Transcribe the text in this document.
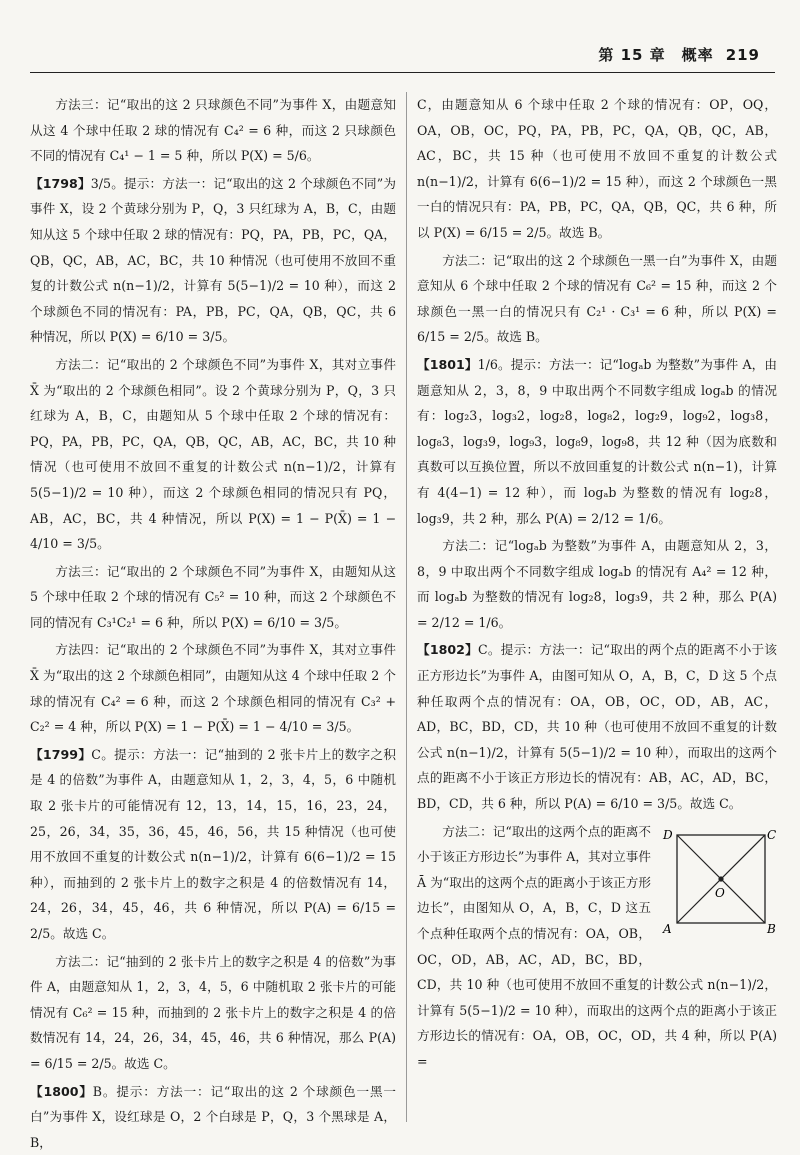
第 15 章　概率 219

方法三：记“取出的这 2 只球颜色不同”为事件 X，由题意知从这 4 个球中任取 2 球的情况有 C₄² = 6 种，而这 2 只球颜色不同的情况有 C₄¹ − 1 = 5 种，所以 P(X) = 5/6。

【1798】3/5。提示：方法一：记“取出的这 2 个球颜色不同”为事件 X，设 2 个黄球分别为 P，Q，3 只红球为 A，B，C，由题知从这 5 个球中任取 2 球的情况有：PQ，PA，PB，PC，QA，QB，QC，AB，AC，BC，共 10 种情况（也可使用不放回不重复的计数公式 n(n−1)/2，计算有 5(5−1)/2 = 10 种），而这 2 个球颜色不同的情况有：PA，PB，PC，QA，QB，QC，共 6 种情况，所以 P(X) = 6/10 = 3/5。

方法二：记“取出的 2 个球颜色不同”为事件 X，其对立事件 X̄ 为“取出的 2 个球颜色相同”。设 2 个黄球分别为 P，Q，3 只红球为 A，B，C，由题知从 5 个球中任取 2 个球的情况有：PQ，PA，PB，PC，QA，QB，QC，AB，AC，BC，共 10 种情况（也可使用不放回不重复的计数公式 n(n−1)/2，计算有 5(5−1)/2 = 10 种），而这 2 个球颜色相同的情况只有 PQ，AB，AC，BC，共 4 种情况，所以 P(X) = 1 − P(X̄) = 1 − 4/10 = 3/5。

方法三：记“取出的 2 个球颜色不同”为事件 X，由题知从这 5 个球中任取 2 个球的情况有 C₅² = 10 种，而这 2 个球颜色不同的情况有 C₃¹C₂¹ = 6 种，所以 P(X) = 6/10 = 3/5。

方法四：记“取出的 2 个球颜色不同”为事件 X，其对立事件 X̄ 为“取出的这 2 个球颜色相同”，由题知从这 4 个球中任取 2 个球的情况有 C₄² = 6 种，而这 2 个球颜色相同的情况有 C₃² + C₂² = 4 种，所以 P(X) = 1 − P(X̄) = 1 − 4/10 = 3/5。

【1799】C。提示：方法一：记“抽到的 2 张卡片上的数字之积是 4 的倍数”为事件 A，由题意知从 1，2，3，4，5，6 中随机取 2 张卡片的可能情况有 12，13，14，15，16，23，24，25，26，34，35，36，45，46，56，共 15 种情况（也可使用不放回不重复的计数公式 n(n−1)/2，计算有 6(6−1)/2 = 15 种），而抽到的 2 张卡片上的数字之积是 4 的倍数情况有 14，24，26，34，45，46，共 6 种情况，所以 P(A) = 6/15 = 2/5。故选 C。

方法二：记“抽到的 2 张卡片上的数字之积是 4 的倍数”为事件 A，由题意知从 1，2，3，4，5，6 中随机取 2 张卡片的可能情况有 C₆² = 15 种，而抽到的 2 张卡片上的数字之积是 4 的倍数情况有 14，24，26，34，45，46，共 6 种情况，那么 P(A) = 6/15 = 2/5。故选 C。

【1800】B。提示：方法一：记“取出的这 2 个球颜色一黑一白”为事件 X，设红球是 O，2 个白球是 P，Q，3 个黑球是 A，B，

C，由题意知从 6 个球中任取 2 个球的情况有：OP，OQ，OA，OB，OC，PQ，PA，PB，PC，QA，QB，QC，AB，AC，BC，共 15 种（也可使用不放回不重复的计数公式 n(n−1)/2，计算有 6(6−1)/2 = 15 种），而这 2 个球颜色一黑一白的情况只有：PA，PB，PC，QA，QB，QC，共 6 种，所以 P(X) = 6/15 = 2/5。故选 B。

方法二：记“取出的这 2 个球颜色一黑一白”为事件 X，由题意知从 6 个球中任取 2 个球的情况有 C₆² = 15 种，而这 2 个球颜色一黑一白的情况只有 C₂¹ · C₃¹ = 6 种，所以 P(X) = 6/15 = 2/5。故选 B。

【1801】1/6。提示：方法一：记“logₐb 为整数”为事件 A，由题意知从 2，3，8，9 中取出两个不同数字组成 logₐb 的情况有：log₂3，log₃2，log₂8，log₈2，log₂9，log₉2，log₃8，log₈3，log₃9，log₉3，log₈9，log₉8，共 12 种（因为底数和真数可以互换位置，所以不放回重复的计数公式 n(n−1)，计算有 4(4−1) = 12 种），而 logₐb 为整数的情况有 log₂8，log₃9，共 2 种，那么 P(A) = 2/12 = 1/6。

方法二：记“logₐb 为整数”为事件 A，由题意知从 2，3，8，9 中取出两个不同数字组成 logₐb 的情况有 A₄² = 12 种，而 logₐb 为整数的情况有 log₂8，log₃9，共 2 种，那么 P(A) = 2/12 = 1/6。

【1802】C。提示：方法一：记“取出的两个点的距离不小于该正方形边长”为事件 A，由图可知从 O，A，B，C，D 这 5 个点种任取两个点的情况有：OA，OB，OC，OD，AB，AC，AD，BC，BD，CD，共 10 种（也可使用不放回不重复的计数公式 n(n−1)/2，计算有 5(5−1)/2 = 10 种），而取出的这两个点的距离不小于该正方形边长的情况有：AB，AC，AD，BC，BD，CD，共 6 种，所以 P(A) = 6/10 = 3/5。故选 C。

D	C
A	B
O
方法二：记“取出的这两个点的距离不小于该正方形边长”为事件 A，其对立事件 Ā 为“取出的这两个点的距离小于该正方形边长”，由图知从 O，A，B，C，D 这五个点种任取两个点的情况有：OA，OB，OC，OD，AB，AC，AD，BC，BD，CD，共 10 种（也可使用不放回不重复的计数公式 n(n−1)/2，计算有 5(5−1)/2 = 10 种），而取出的这两个点的距离小于该正方形边长的情况有：OA，OB，OC，OD，共 4 种，所以 P(A) =
